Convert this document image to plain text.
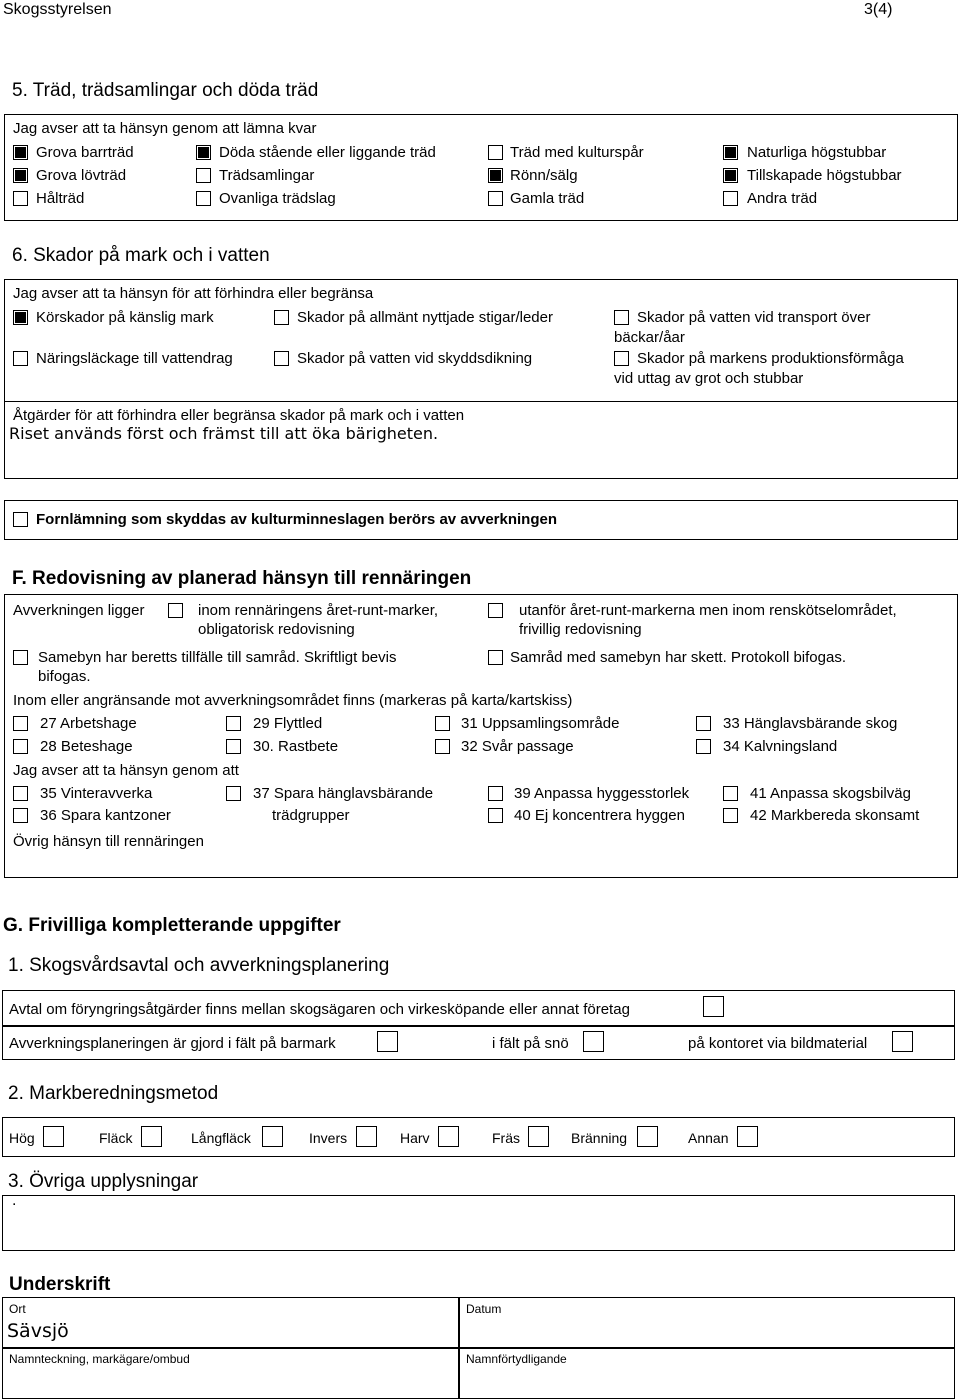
Skogsstyrelsen	3(4)
5. Träd, trädsamlingar och döda träd
Jag avser att ta hänsyn genom att lämna kvar
Grova barrträd	Döda stående eller liggande träd	Träd med kulturspår	Naturliga högstubbar
Grova lövträd	Trädsamlingar	Rönn/sälg	Tillskapade högstubbar
Hålträd	Ovanliga trädslag	Gamla träd	Andra träd
6. Skador på mark och i vatten
Jag avser att ta hänsyn för att förhindra eller begränsa
Körskador på känslig mark	Skador på allmänt nyttjade stigar/leder	Skador på vatten vid transport över
bäckar/åar
Näringsläckage till vattendrag	Skador på vatten vid skyddsdikning	Skador på markens produktionsförmåga
vid uttag av grot och stubbar
Åtgärder för att förhindra eller begränsa skador på mark och i vatten
Riset används först och främst till att öka bärigheten.
Fornlämning som skyddas av kulturminneslagen berörs av avverkningen
F. Redovisning av planerad hänsyn till rennäringen
Avverkningen ligger	inom rennäringens året-runt-marker,
obligatorisk redovisning
utanför året-runt-markerna men inom renskötselområdet,
frivillig redovisning
Samebyn har beretts tillfälle till samråd. Skriftligt bevis
bifogas.
Samråd med samebyn har skett. Protokoll bifogas.
Inom eller angränsande mot avverkningsområdet finns (markeras på karta/kartskiss)
27 Arbetshage	29 Flyttled	31 Uppsamlingsområde	33 Hänglavsbärande skog
28 Beteshage	30. Rastbete	32 Svår passage	34 Kalvningsland
Jag avser att ta hänsyn genom att
35 Vinteravverka	37 Spara hänglavsbärande	39 Anpassa hyggesstorlek	41 Anpassa skogsbilväg
36 Spara kantzoner	trädgrupper	40 Ej koncentrera hyggen	42 Markbereda skonsamt
Övrig hänsyn till rennäringen
G. Frivilliga kompletterande uppgifter
1. Skogsvårdsavtal och avverkningsplanering
Avtal om föryngringsåtgärder finns mellan skogsägaren och virkesköpande eller annat företag
Avverkningsplaneringen är gjord i fält på barmark	i fält på snö	på kontoret via bildmaterial
2. Markberedningsmetod
Hög	Fläck	Långfläck	Invers	Harv	Fräs	Bränning	Annan
3. Övriga upplysningar
.
Underskrift
Ort
Sävsjö
Datum
Namnteckning, markägare/ombud	Namnförtydligande
